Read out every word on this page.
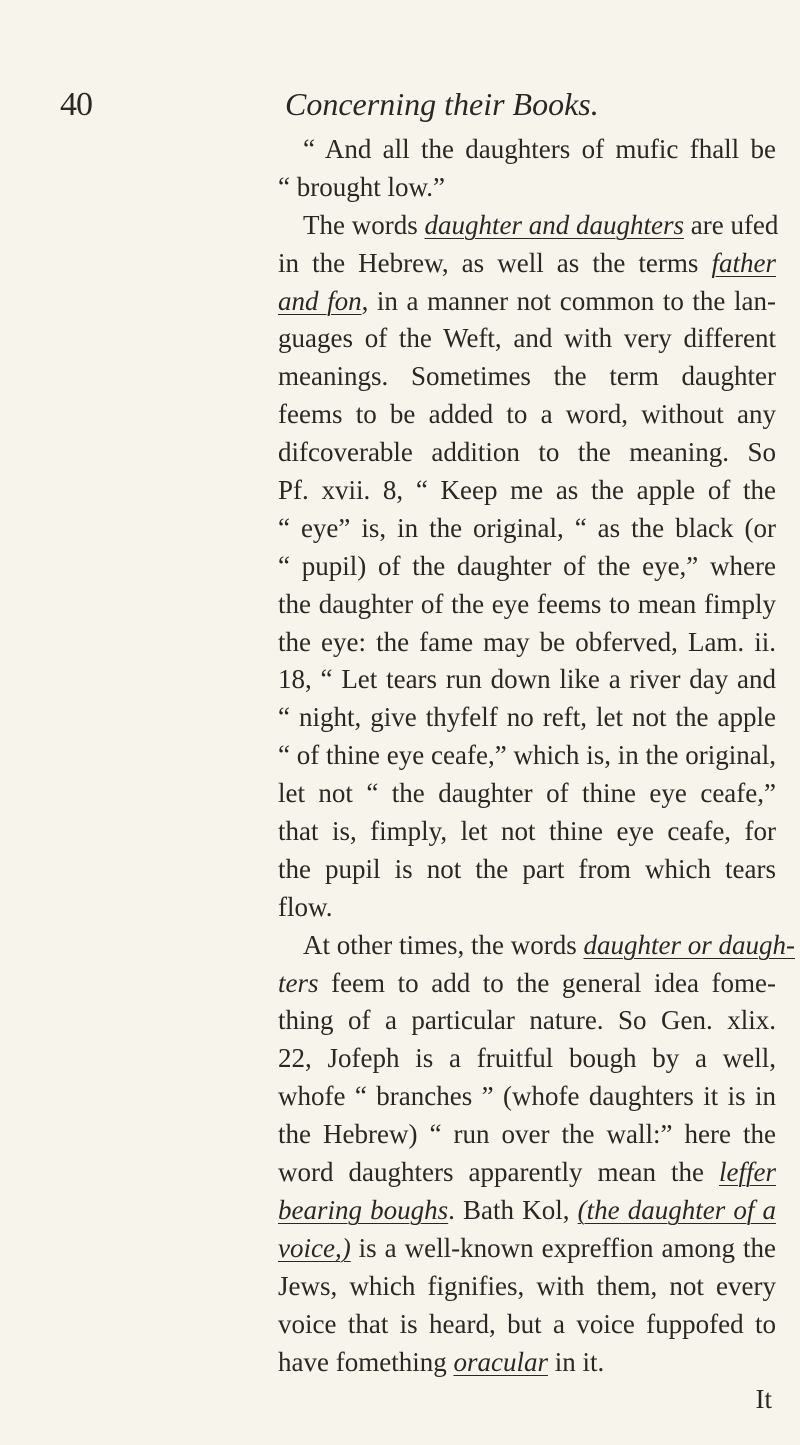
40	Concerning their Books.
“ And all the daughters of mufic fhall be
“ brought low.”
The words daughter and daughters are ufed
in the Hebrew, as well as the terms father
and fon, in a manner not common to the lan-
guages of the Weft, and with very different
meanings. Sometimes the term daughter
feems to be added to a word, without any
difcoverable addition to the meaning. So
Pf. xvii. 8, “ Keep me as the apple of the
“ eye” is, in the original, “ as the black (or
“ pupil) of the daughter of the eye,” where
the daughter of the eye feems to mean fimply
the eye: the fame may be obferved, Lam. ii.
18, “ Let tears run down like a river day and
“ night, give thyfelf no reft, let not the apple
“ of thine eye ceafe,” which is, in the original,
let not “ the daughter of thine eye ceafe,”
that is, fimply, let not thine eye ceafe, for
the pupil is not the part from which tears
flow.
At other times, the words daughter or daugh-
ters feem to add to the general idea fome-
thing of a particular nature. So Gen. xlix.
22, Jofeph is a fruitful bough by a well,
whofe “ branches ” (whofe daughters it is in
the Hebrew) “ run over the wall:” here the
word daughters apparently mean the leffer
bearing boughs. Bath Kol, (the daughter of a
voice,) is a well-known expreffion among the
Jews, which fignifies, with them, not every
voice that is heard, but a voice fuppofed to
have fomething oracular in it.
It
